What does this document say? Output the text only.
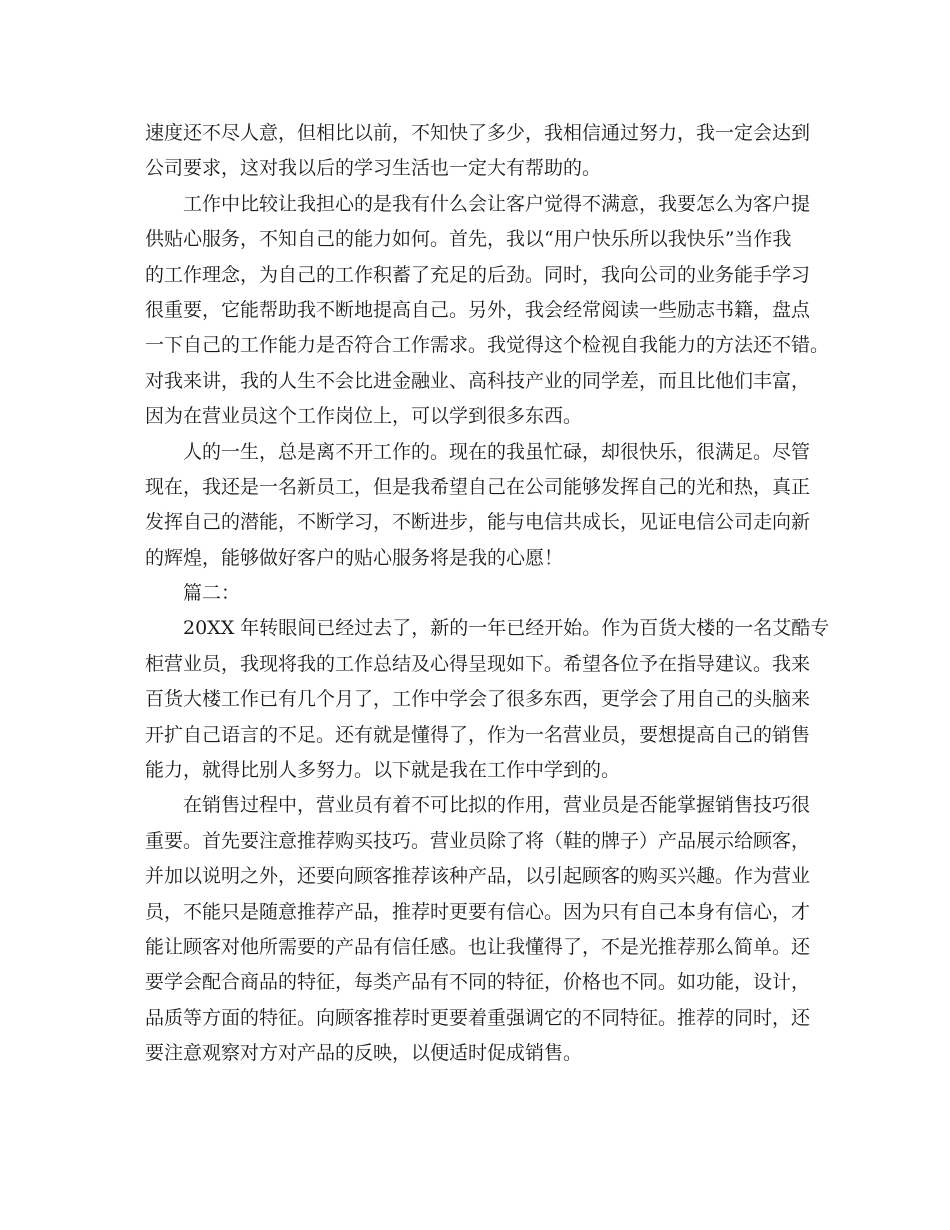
速度还不尽人意，但相比以前，不知快了多少，我相信通过努力，我一定会达到
公司要求，这对我以后的学习生活也一定大有帮助的。
工作中比较让我担心的是我有什么会让客户觉得不满意，我要怎么为客户提
供贴心服务，不知自己的能力如何。首先，我以“用户快乐所以我快乐”当作我
的工作理念，为自己的工作积蓄了充足的后劲。同时，我向公司的业务能手学习
很重要，它能帮助我不断地提高自己。另外，我会经常阅读一些励志书籍，盘点
一下自己的工作能力是否符合工作需求。我觉得这个检视自我能力的方法还不错。
对我来讲，我的人生不会比进金融业、高科技产业的同学差，而且比他们丰富，
因为在营业员这个工作岗位上，可以学到很多东西。
人的一生，总是离不开工作的。现在的我虽忙碌，却很快乐，很满足。尽管
现在，我还是一名新员工，但是我希望自己在公司能够发挥自己的光和热，真正
发挥自己的潜能，不断学习，不断进步，能与电信共成长，见证电信公司走向新
的辉煌，能够做好客户的贴心服务将是我的心愿！
篇二：
20XX 年转眼间已经过去了，新的一年已经开始。作为百货大楼的一名艾酷专
柜营业员，我现将我的工作总结及心得呈现如下。希望各位予在指导建议。我来
百货大楼工作已有几个月了，工作中学会了很多东西，更学会了用自己的头脑来
开扩自己语言的不足。还有就是懂得了，作为一名营业员，要想提高自己的销售
能力，就得比别人多努力。以下就是我在工作中学到的。
在销售过程中，营业员有着不可比拟的作用，营业员是否能掌握销售技巧很
重要。首先要注意推荐购买技巧。营业员除了将（鞋的牌子）产品展示给顾客，
并加以说明之外，还要向顾客推荐该种产品，以引起顾客的购买兴趣。作为营业
员，不能只是随意推荐产品，推荐时更要有信心。因为只有自己本身有信心，才
能让顾客对他所需要的产品有信任感。也让我懂得了，不是光推荐那么简单。还
要学会配合商品的特征，每类产品有不同的特征，价格也不同。如功能，设计，
品质等方面的特征。向顾客推荐时更要着重强调它的不同特征。推荐的同时，还
要注意观察对方对产品的反映，以便适时促成销售。
